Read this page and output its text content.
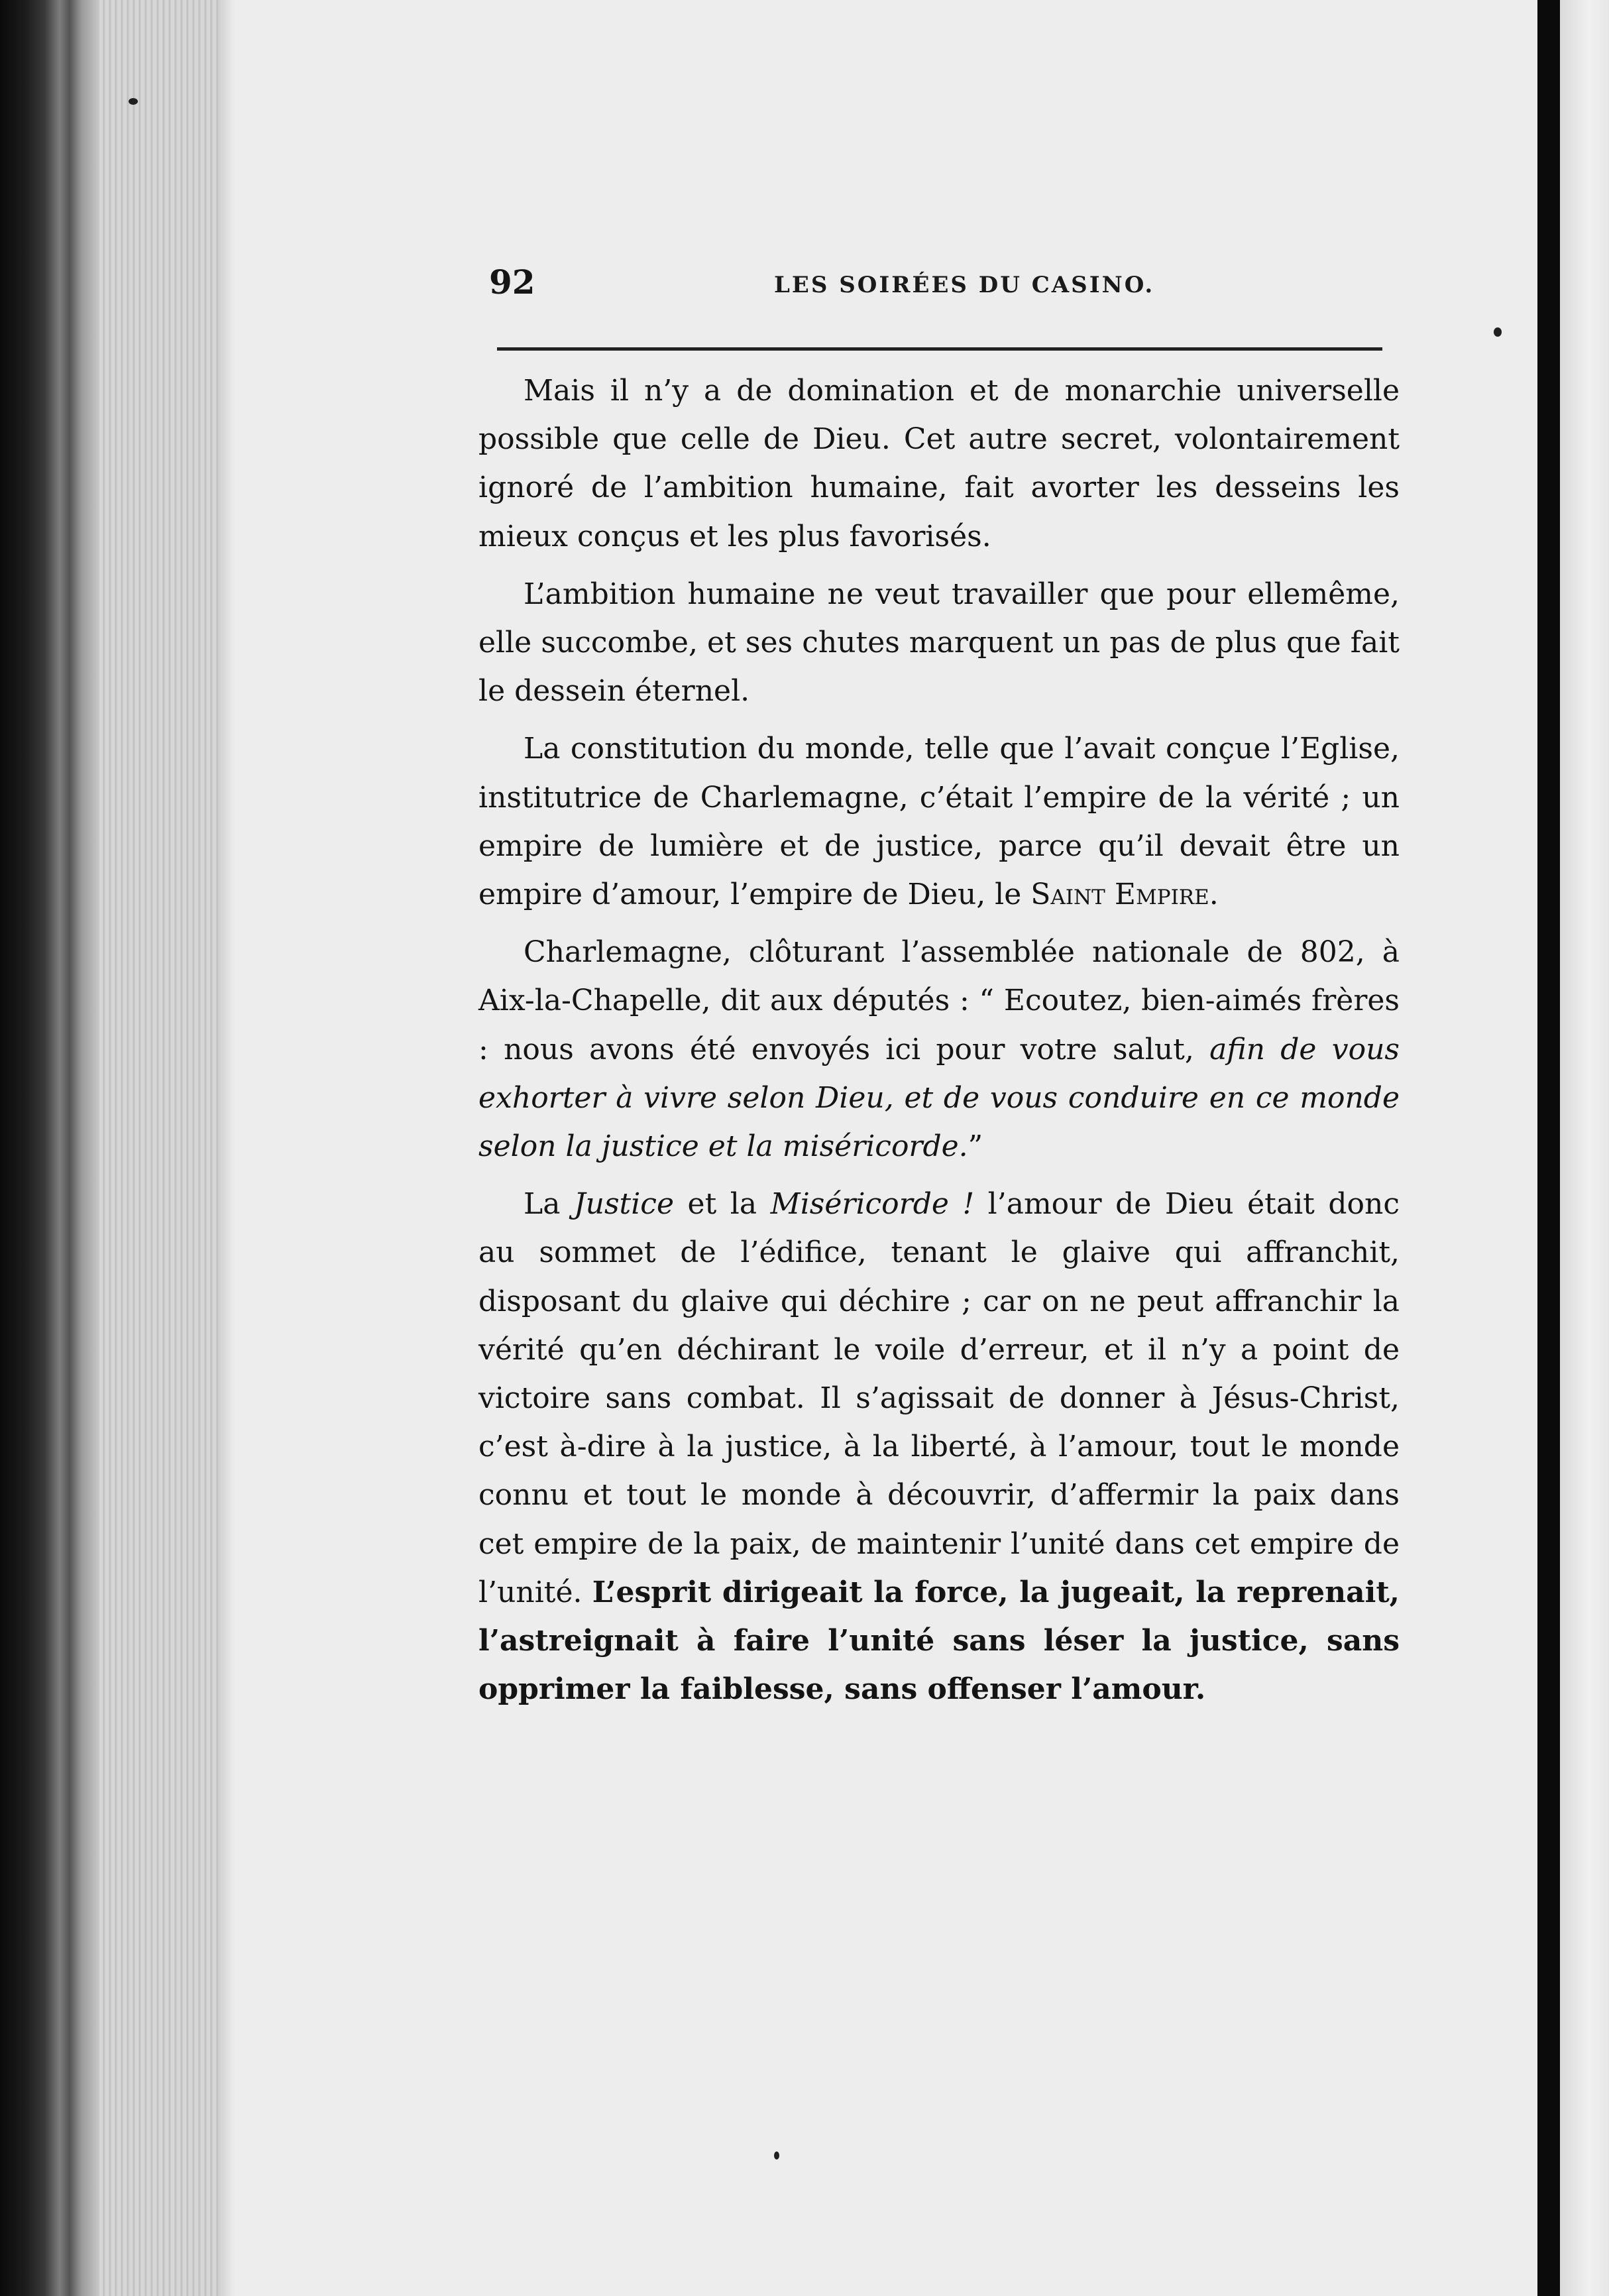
92	LES SOIRÉES DU CASINO.

Mais il n’y a de domination et de monarchie universelle possible que celle de Dieu. Cet autre secret, volontairement ignoré de l’ambition humaine, fait avorter les desseins les mieux conçus et les plus favorisés.

L’ambition humaine ne veut travailler que pour ellemême, elle succombe, et ses chutes marquent un pas de plus que fait le dessein éternel.

La constitution du monde, telle que l’avait conçue l’Eglise, institutrice de Charlemagne, c’était l’empire de la vérité ; un empire de lumière et de justice, parce qu’il devait être un empire d’amour, l’empire de Dieu, le Saint Empire.

Charlemagne, clôturant l’assemblée nationale de 802, à Aix-la-Chapelle, dit aux députés : “ Ecoutez, bien-aimés frères : nous avons été envoyés ici pour votre salut, afin de vous exhorter à vivre selon Dieu, et de vous conduire en ce monde selon la justice et la miséricorde.”

La Justice et la Miséricorde ! l’amour de Dieu était donc au sommet de l’édifice, tenant le glaive qui affranchit, disposant du glaive qui déchire ; car on ne peut affranchir la vérité qu’en déchirant le voile d’erreur, et il n’y a point de victoire sans combat. Il s’agissait de donner à Jésus-Christ, c’est à-dire à la justice, à la liberté, à l’amour, tout le monde connu et tout le monde à découvrir, d’affermir la paix dans cet empire de la paix, de maintenir l’unité dans cet empire de l’unité. L’esprit dirigeait la force, la jugeait, la reprenait, l’astreignait à faire l’unité sans léser la justice, sans opprimer la faiblesse, sans offenser l’amour.
